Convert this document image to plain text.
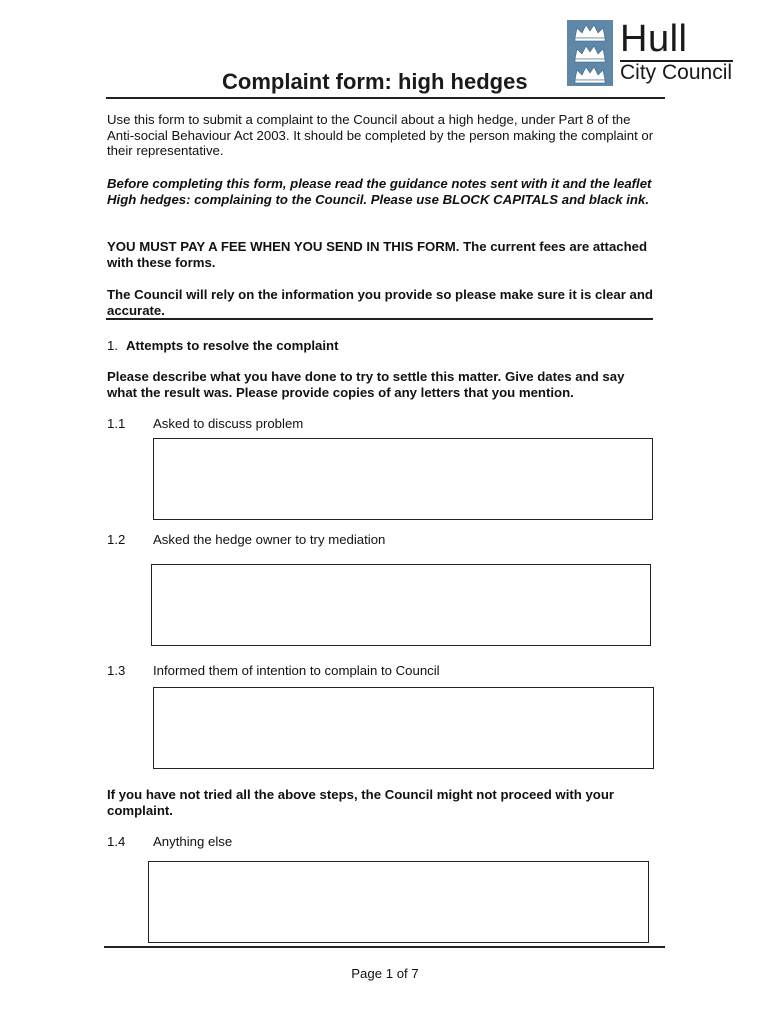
Hull
City Council
Complaint form: high hedges
Use this form to submit a complaint to the Council about a high hedge, under Part 8 of the Anti-social Behaviour Act 2003. It should be completed by the person making the complaint or their representative.
Before completing this form, please read the guidance notes sent with it and the leaflet High hedges: complaining to the Council. Please use BLOCK CAPITALS and black ink.
YOU MUST PAY A FEE WHEN YOU SEND IN THIS FORM. The current fees are attached with these forms.
The Council will rely on the information you provide so please make sure it is clear and accurate.
1. Attempts to resolve the complaint
Please describe what you have done to try to settle this matter. Give dates and say what the result was. Please provide copies of any letters that you mention.
1.1 Asked to discuss problem
1.2 Asked the hedge owner to try mediation
1.3 Informed them of intention to complain to Council
If you have not tried all the above steps, the Council might not proceed with your complaint.
1.4 Anything else
Page 1 of 7
